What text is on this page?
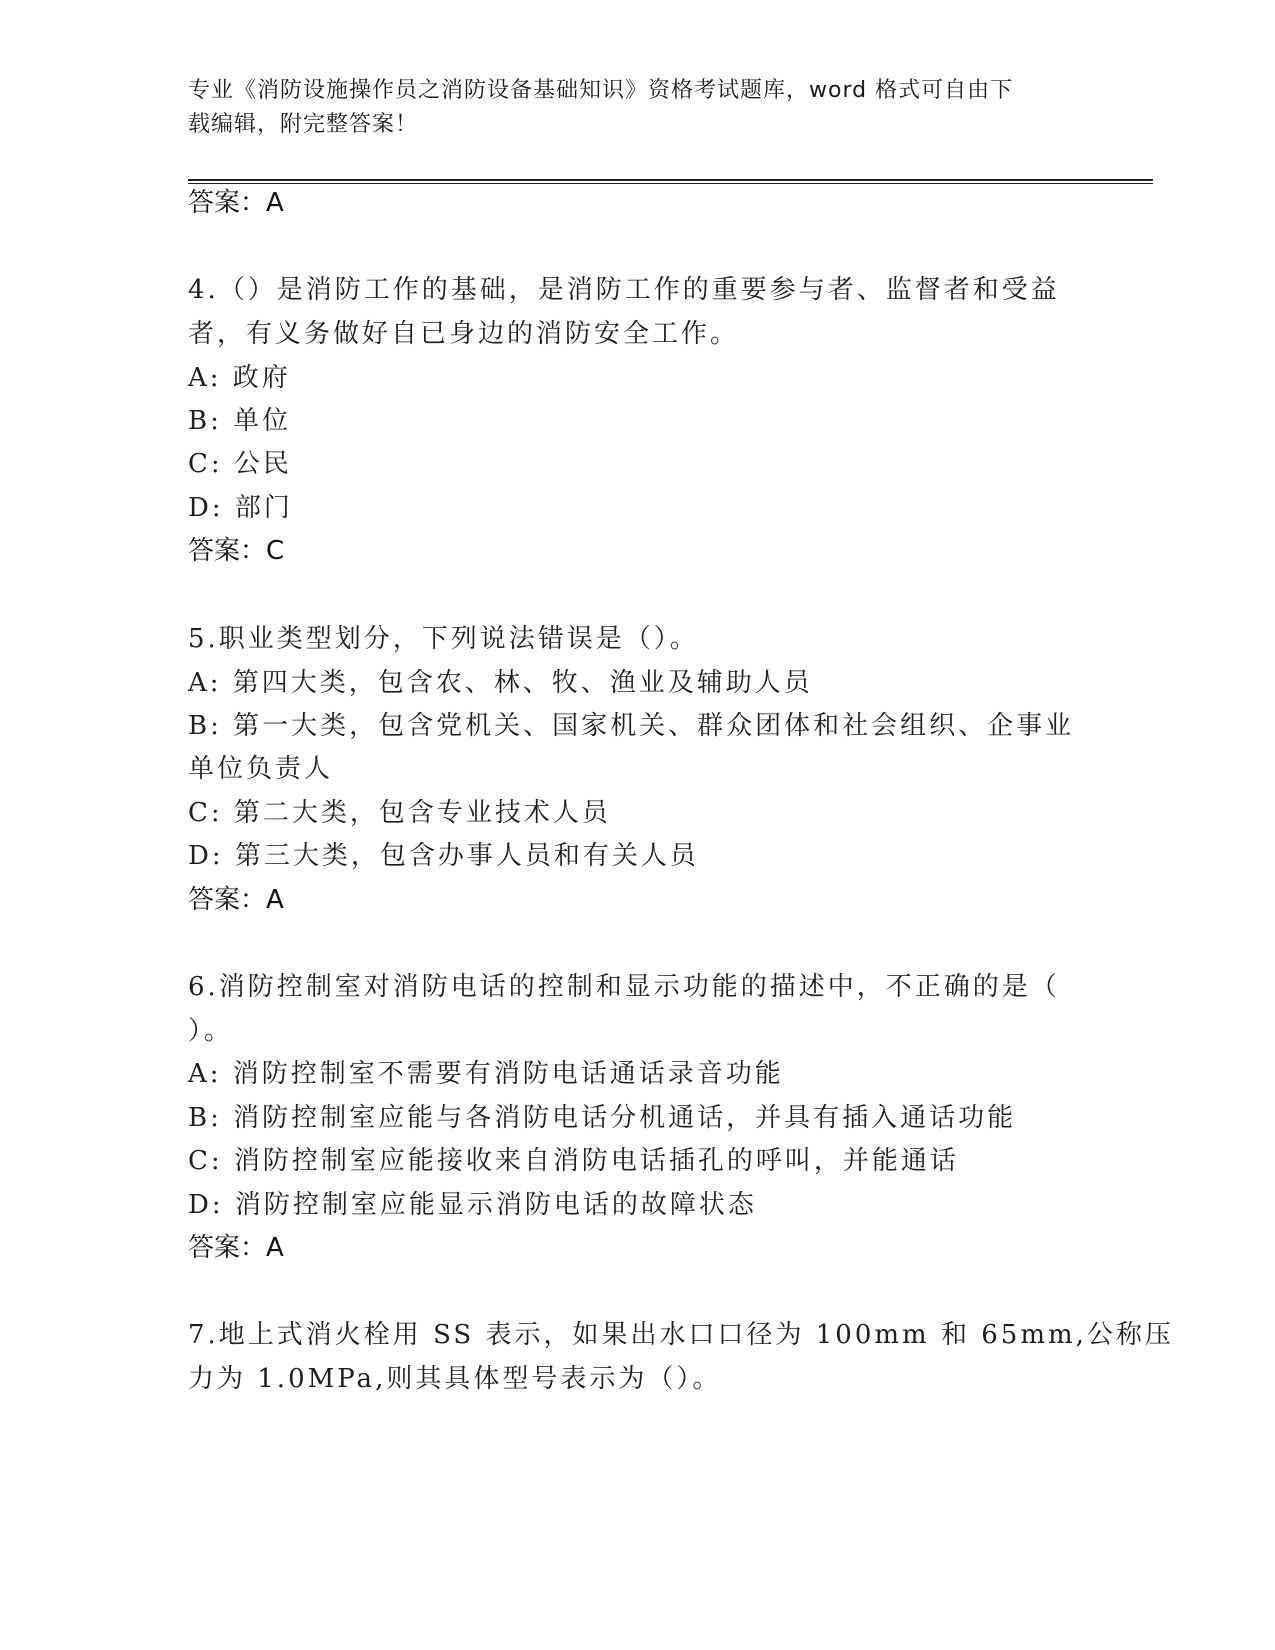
专业《消防设施操作员之消防设备基础知识》资格考试题库，word 格式可自由下
载编辑，附完整答案！
答案：A
4.（）是消防工作的基础，是消防工作的重要参与者、监督者和受益
者，有义务做好自已身边的消防安全工作。
A: 政府
B: 单位
C: 公民
D: 部门
答案：C
5.职业类型划分，下列说法错误是（）。
A: 第四大类，包含农、林、牧、渔业及辅助人员
B: 第一大类，包含党机关、国家机关、群众团体和社会组织、企事业
单位负责人
C: 第二大类，包含专业技术人员
D: 第三大类，包含办事人员和有关人员
答案：A
6.消防控制室对消防电话的控制和显示功能的描述中，不正确的是（
）。
A: 消防控制室不需要有消防电话通话录音功能
B: 消防控制室应能与各消防电话分机通话，并具有插入通话功能
C: 消防控制室应能接收来自消防电话插孔的呼叫，并能通话
D: 消防控制室应能显示消防电话的故障状态
答案：A
7.地上式消火栓用 SS 表示，如果出水口口径为 100mm 和 65mm,公称压
力为 1.0MPa,则其具体型号表示为（）。
